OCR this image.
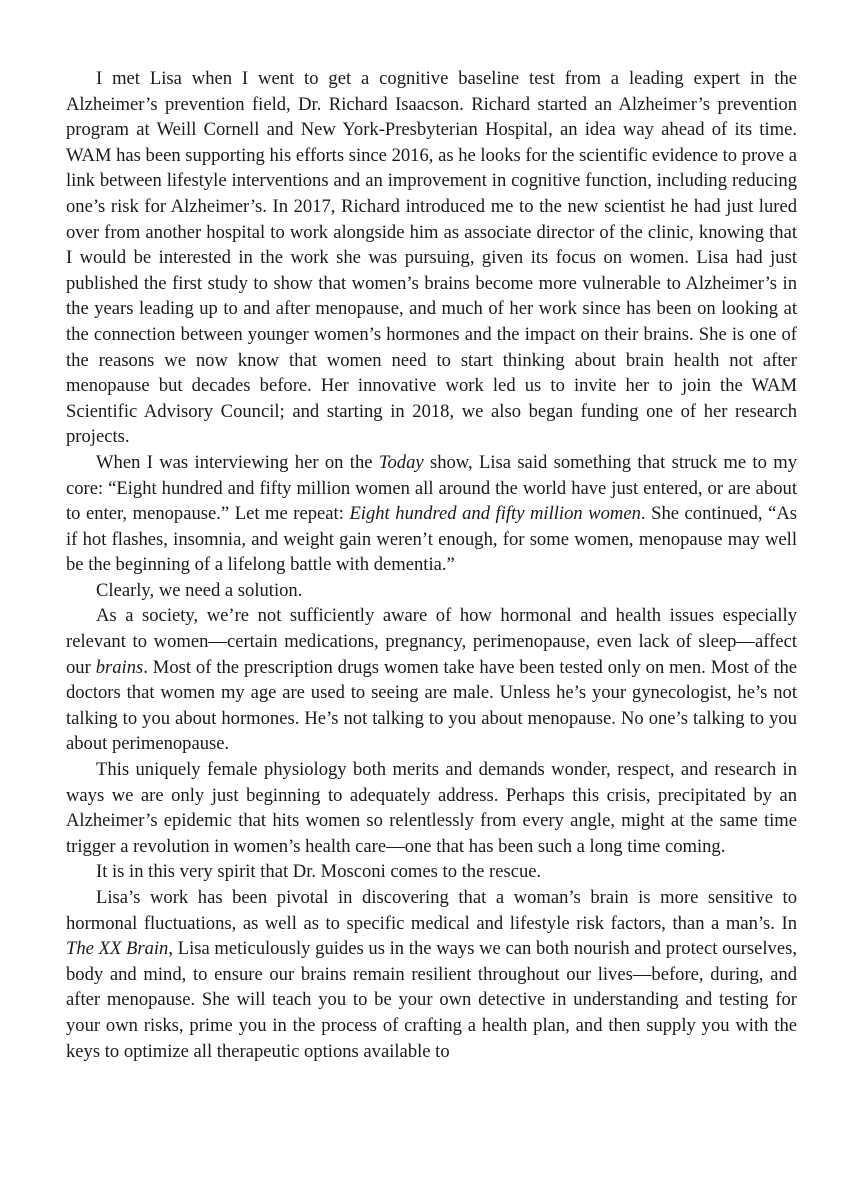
I met Lisa when I went to get a cognitive baseline test from a leading expert in the Alzheimer’s prevention field, Dr. Richard Isaacson. Richard started an Alzheimer’s prevention program at Weill Cornell and New York-Presbyterian Hospital, an idea way ahead of its time. WAM has been supporting his efforts since 2016, as he looks for the scientific evidence to prove a link between lifestyle interventions and an improvement in cognitive function, including reducing one’s risk for Alzheimer’s. In 2017, Richard introduced me to the new scientist he had just lured over from another hospital to work alongside him as associate director of the clinic, knowing that I would be interested in the work she was pursuing, given its focus on women. Lisa had just published the first study to show that women’s brains become more vulnerable to Alzheimer’s in the years leading up to and after menopause, and much of her work since has been on looking at the connection between younger women’s hormones and the impact on their brains. She is one of the reasons we now know that women need to start thinking about brain health not after menopause but decades before. Her innovative work led us to invite her to join the WAM Scientific Advisory Council; and starting in 2018, we also began funding one of her research projects.

When I was interviewing her on the Today show, Lisa said something that struck me to my core: “Eight hundred and fifty million women all around the world have just entered, or are about to enter, menopause.” Let me repeat: Eight hundred and fifty million women. She continued, “As if hot flashes, insomnia, and weight gain weren’t enough, for some women, menopause may well be the beginning of a lifelong battle with dementia.”

Clearly, we need a solution.

As a society, we’re not sufficiently aware of how hormonal and health issues especially relevant to women—certain medications, pregnancy, perimenopause, even lack of sleep—affect our brains. Most of the prescription drugs women take have been tested only on men. Most of the doctors that women my age are used to seeing are male. Unless he’s your gynecologist, he’s not talking to you about hormones. He’s not talking to you about menopause. No one’s talking to you about perimenopause.

This uniquely female physiology both merits and demands wonder, respect, and research in ways we are only just beginning to adequately address. Perhaps this crisis, precipitated by an Alzheimer’s epidemic that hits women so relentlessly from every angle, might at the same time trigger a revolution in women’s health care—one that has been such a long time coming.

It is in this very spirit that Dr. Mosconi comes to the rescue.

Lisa’s work has been pivotal in discovering that a woman’s brain is more sensitive to hormonal fluctuations, as well as to specific medical and lifestyle risk factors, than a man’s. In The XX Brain, Lisa meticulously guides us in the ways we can both nourish and protect ourselves, body and mind, to ensure our brains remain resilient throughout our lives—before, during, and after menopause. She will teach you to be your own detective in understanding and testing for your own risks, prime you in the process of crafting a health plan, and then supply you with the keys to optimize all therapeutic options available to
